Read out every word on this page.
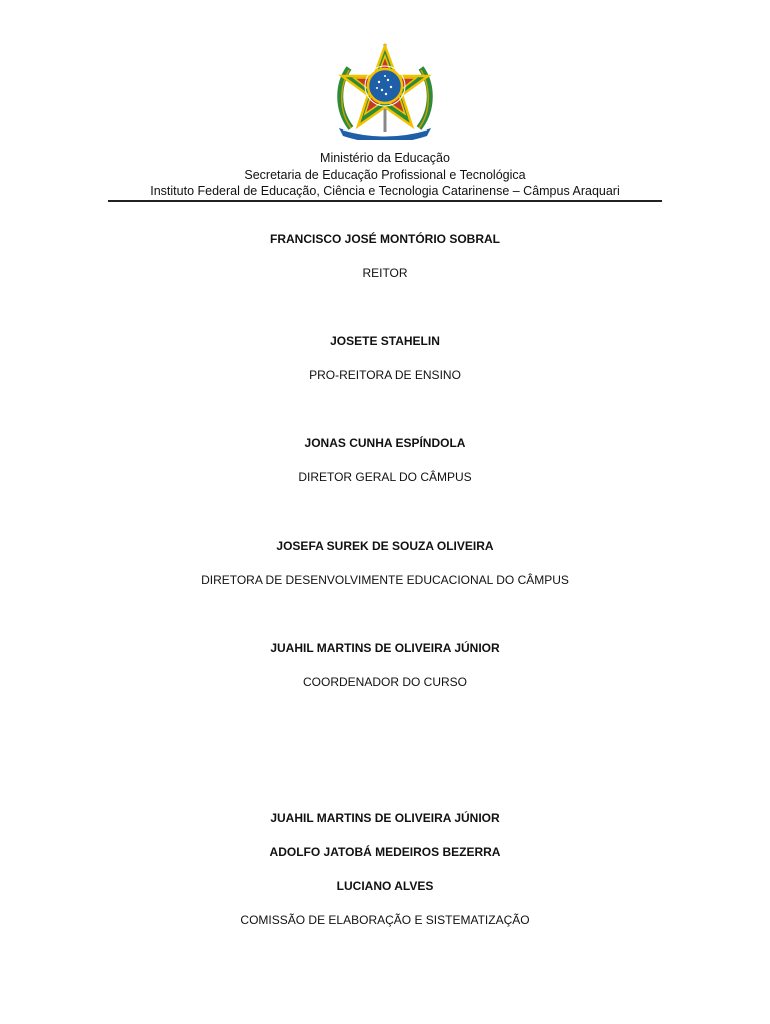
Ministério da Educação
Secretaria de Educação Profissional e Tecnológica
Instituto Federal de Educação, Ciência e Tecnologia Catarinense – Câmpus Araquari
FRANCISCO JOSÉ MONTÓRIO SOBRAL
REITOR
JOSETE STAHELIN
PRO-REITORA DE ENSINO
JONAS CUNHA ESPÍNDOLA
DIRETOR GERAL DO CÂMPUS
JOSEFA SUREK DE SOUZA OLIVEIRA
DIRETORA DE DESENVOLVIMENTE EDUCACIONAL DO CÂMPUS
JUAHIL MARTINS DE OLIVEIRA JÚNIOR
COORDENADOR DO CURSO
JUAHIL MARTINS DE OLIVEIRA JÚNIOR
ADOLFO JATOBÁ MEDEIROS BEZERRA
LUCIANO ALVES
COMISSÃO DE ELABORAÇÃO E SISTEMATIZAÇÃO
